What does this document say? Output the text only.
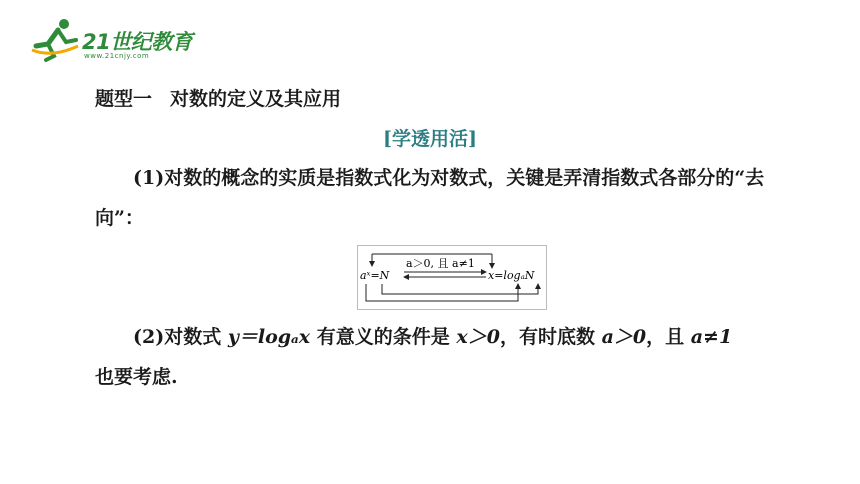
21世纪教育
www.21cnjy.com
题型一 对数的定义及其应用
[学透用活]
(1)对数的概念的实质是指数式化为对数式，关键是弄清指数式各部分的“去向”：
a＞0, 且 a≠1
aˣ=N	x=logₐN
(2)对数式 y＝logₐx 有意义的条件是 x＞0，有时底数 a＞0，且 a≠1
也要考虑.
